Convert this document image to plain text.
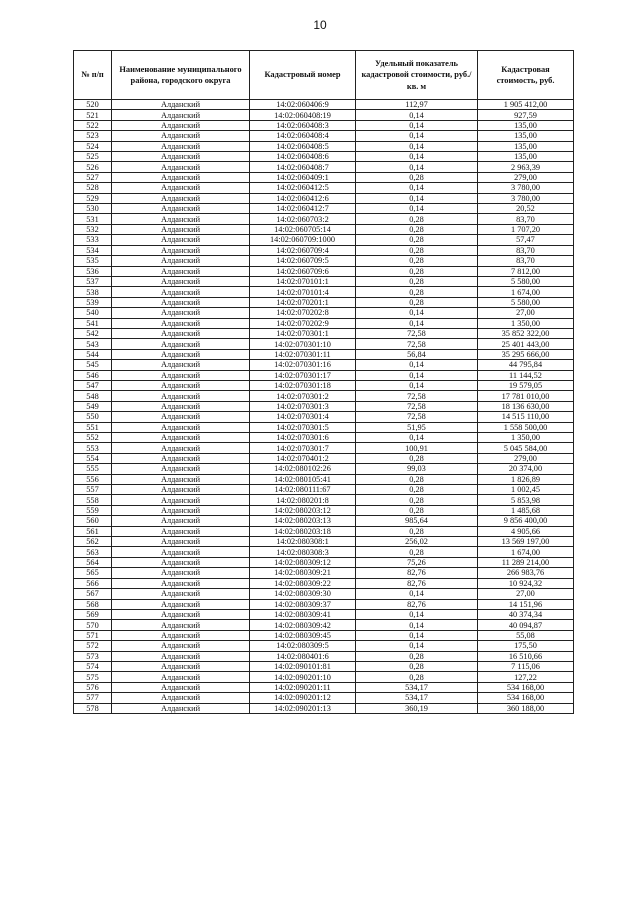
10
№ п/п	Наименование муниципального района, городского округа	Кадастровый номер	Удельный показатель кадастровой стоимости, руб./кв. м	Кадастровая стоимость, руб.
520	Алданский	14:02:060406:9	112,97	1 905 412,00
521	Алданский	14:02:060408:19	0,14	927,59
522	Алданский	14:02:060408:3	0,14	135,00
523	Алданский	14:02:060408:4	0,14	135,00
524	Алданский	14:02:060408:5	0,14	135,00
525	Алданский	14:02:060408:6	0,14	135,00
526	Алданский	14:02:060408:7	0,14	2 963,39
527	Алданский	14:02:060409:1	0,28	279,00
528	Алданский	14:02:060412:5	0,14	3 780,00
529	Алданский	14:02:060412:6	0,14	3 780,00
530	Алданский	14:02:060412:7	0,14	20,52
531	Алданский	14:02:060703:2	0,28	83,70
532	Алданский	14:02:060705:14	0,28	1 707,20
533	Алданский	14:02:060709:1000	0,28	57,47
534	Алданский	14:02:060709:4	0,28	83,70
535	Алданский	14:02:060709:5	0,28	83,70
536	Алданский	14:02:060709:6	0,28	7 812,00
537	Алданский	14:02:070101:1	0,28	5 580,00
538	Алданский	14:02:070101:4	0,28	1 674,00
539	Алданский	14:02:070201:1	0,28	5 580,00
540	Алданский	14:02:070202:8	0,14	27,00
541	Алданский	14:02:070202:9	0,14	1 350,00
542	Алданский	14:02:070301:1	72,58	35 852 322,00
543	Алданский	14:02:070301:10	72,58	25 401 443,00
544	Алданский	14:02:070301:11	56,84	35 295 666,00
545	Алданский	14:02:070301:16	0,14	44 795,84
546	Алданский	14:02:070301:17	0,14	11 144,52
547	Алданский	14:02:070301:18	0,14	19 579,05
548	Алданский	14:02:070301:2	72,58	17 781 010,00
549	Алданский	14:02:070301:3	72,58	18 136 630,00
550	Алданский	14:02:070301:4	72,58	14 515 110,00
551	Алданский	14:02:070301:5	51,95	1 558 500,00
552	Алданский	14:02:070301:6	0,14	1 350,00
553	Алданский	14:02:070301:7	100,91	5 045 584,00
554	Алданский	14:02:070401:2	0,28	279,00
555	Алданский	14:02:080102:26	99,03	20 374,00
556	Алданский	14:02:080105:41	0,28	1 826,89
557	Алданский	14:02:080111:67	0,28	1 002,45
558	Алданский	14:02:080201:8	0,28	5 853,98
559	Алданский	14:02:080203:12	0,28	1 485,68
560	Алданский	14:02:080203:13	985,64	9 856 400,00
561	Алданский	14:02:080203:18	0,28	4 905,66
562	Алданский	14:02:080308:1	256,02	13 569 197,00
563	Алданский	14:02:080308:3	0,28	1 674,00
564	Алданский	14:02:080309:12	75,26	11 289 214,00
565	Алданский	14:02:080309:21	82,76	266 983,76
566	Алданский	14:02:080309:22	82,76	10 924,32
567	Алданский	14:02:080309:30	0,14	27,00
568	Алданский	14:02:080309:37	82,76	14 151,96
569	Алданский	14:02:080309:41	0,14	40 374,34
570	Алданский	14:02:080309:42	0,14	40 094,87
571	Алданский	14:02:080309:45	0,14	55,08
572	Алданский	14:02:080309:5	0,14	175,50
573	Алданский	14:02:080401:6	0,28	16 510,66
574	Алданский	14:02:090101:81	0,28	7 115,06
575	Алданский	14:02:090201:10	0,28	127,22
576	Алданский	14:02:090201:11	534,17	534 168,00
577	Алданский	14:02:090201:12	534,17	534 168,00
578	Алданский	14:02:090201:13	360,19	360 188,00
